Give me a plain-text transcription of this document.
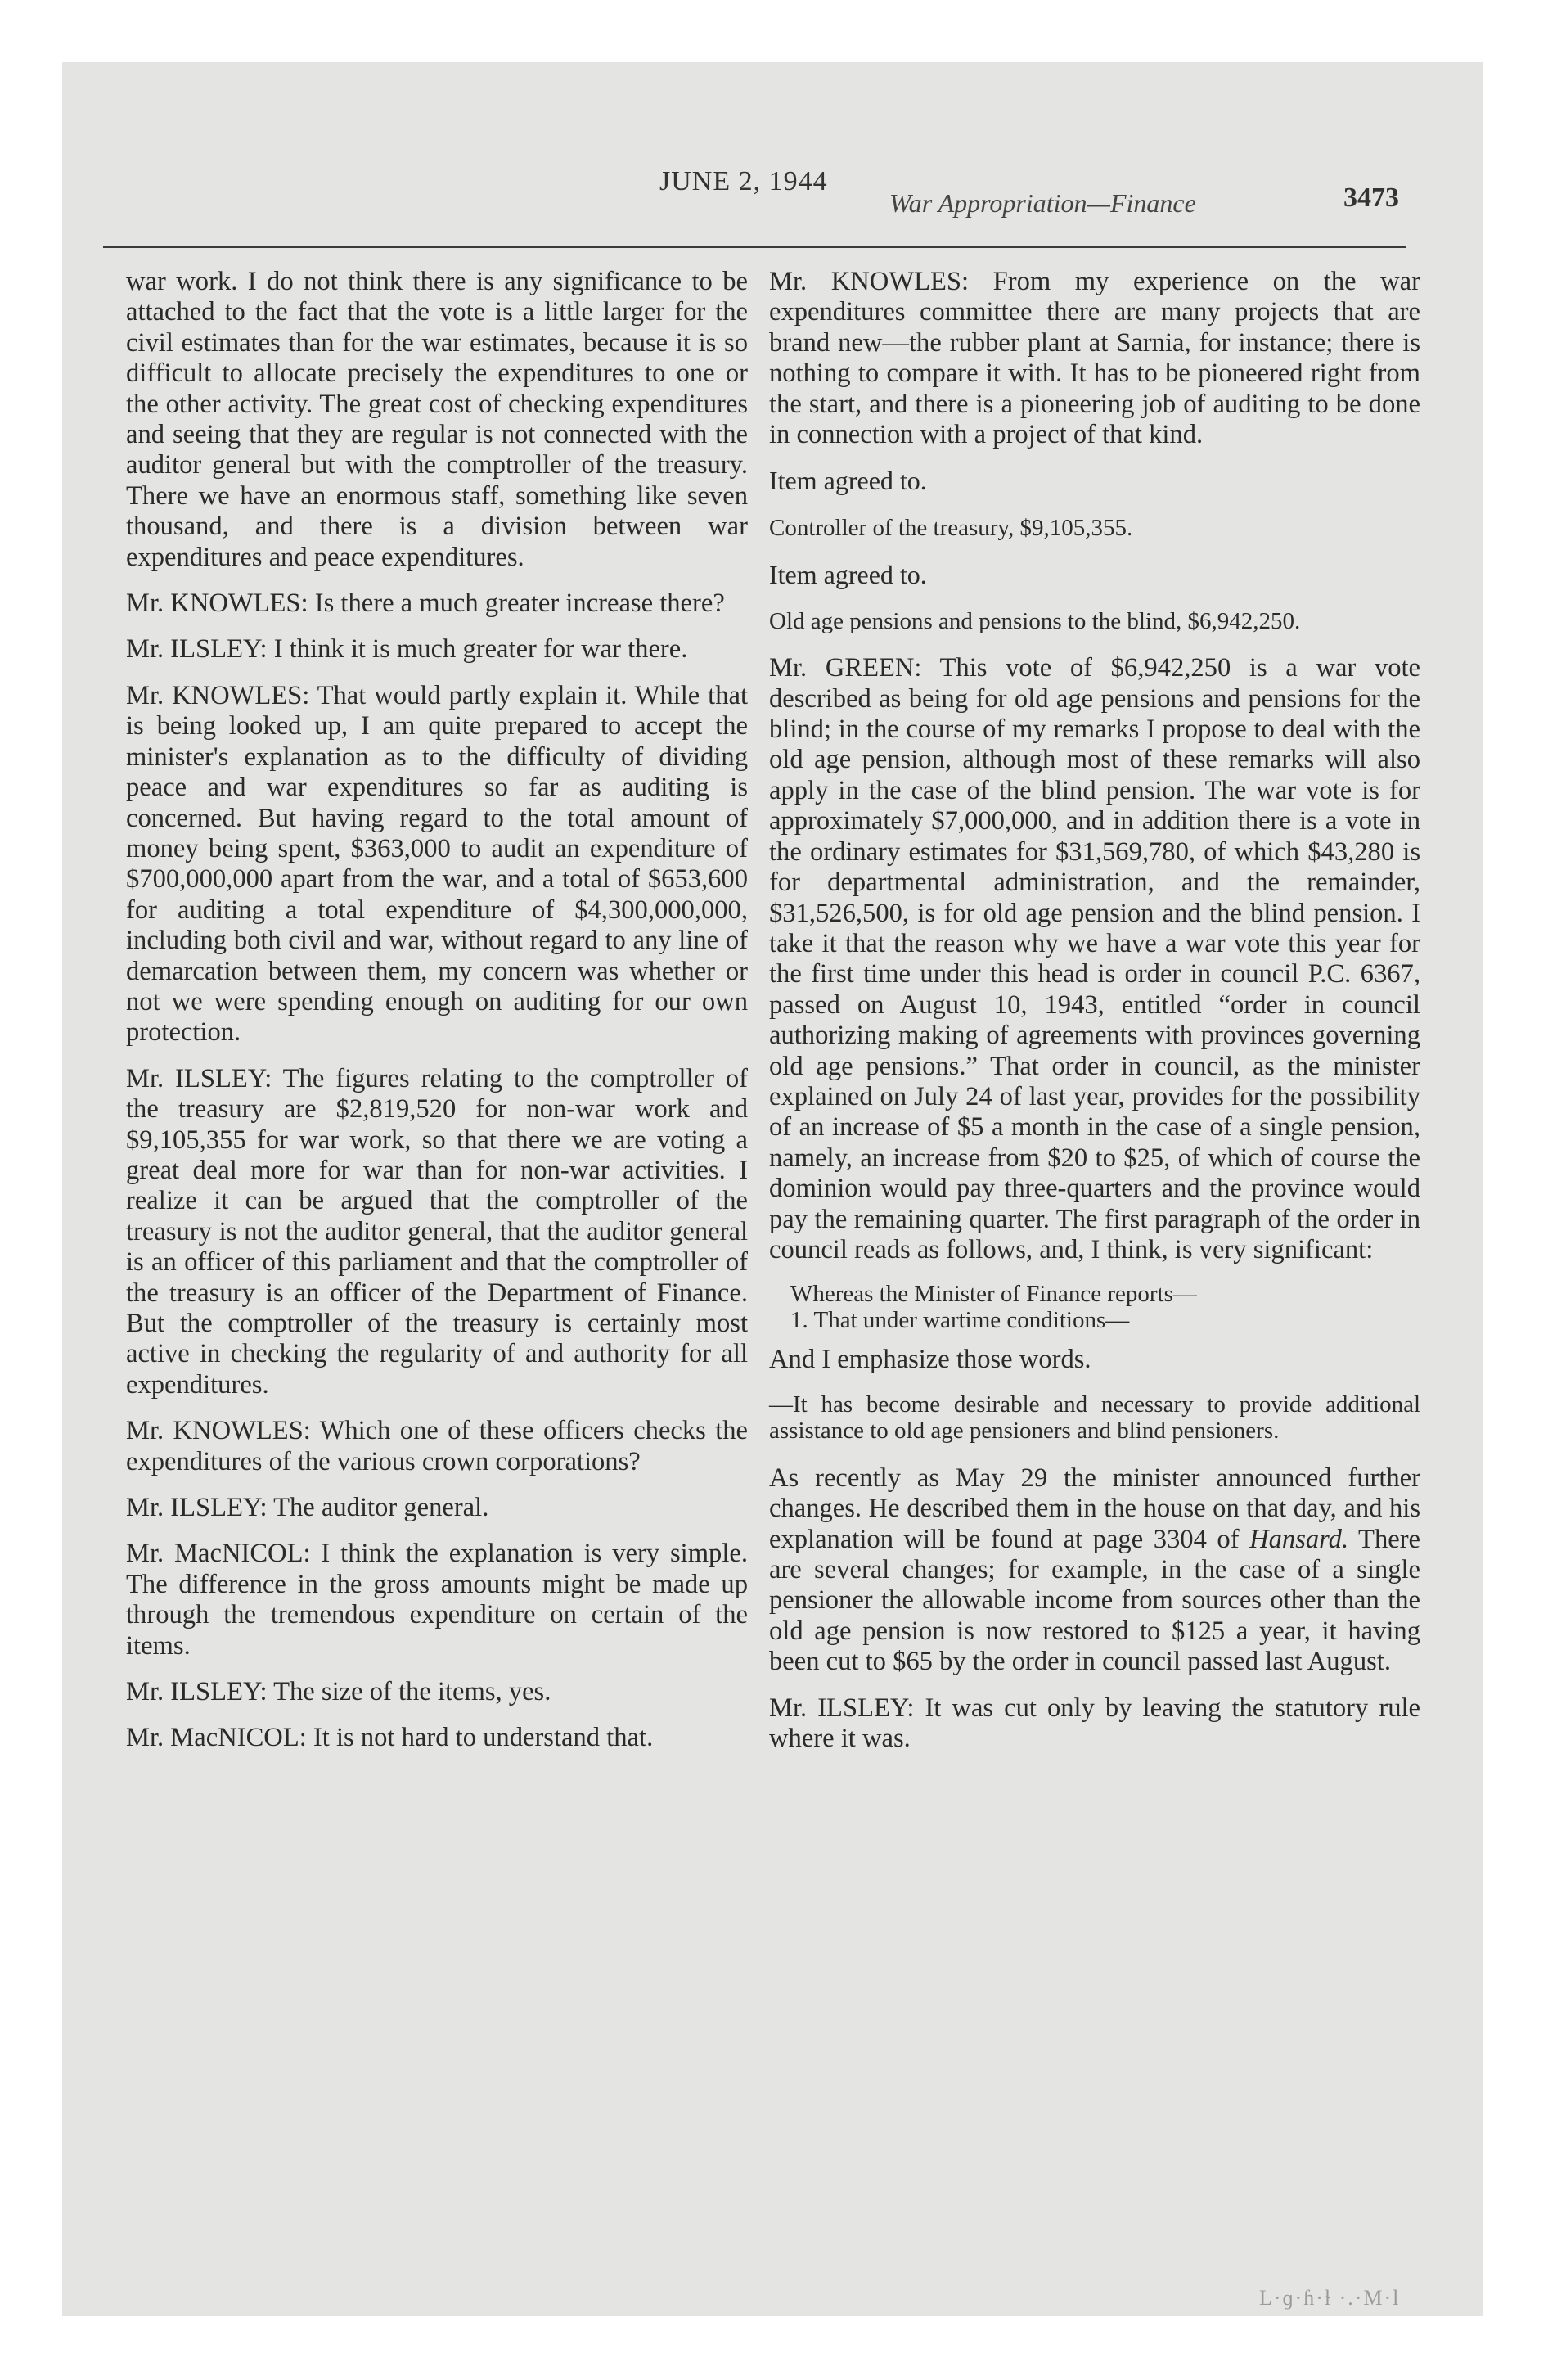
JUNE 2, 1944
War Appropriation—Finance	3473

war work. I do not think there is any significance to be attached to the fact that the vote is a little larger for the civil estimates than for the war estimates, because it is so difficult to allocate precisely the expenditures to one or the other activity. The great cost of checking expenditures and seeing that they are regular is not connected with the auditor general but with the comptroller of the treasury. There we have an enormous staff, something like seven thousand, and there is a division between war expenditures and peace expenditures.

Mr. KNOWLES: Is there a much greater increase there?

Mr. ILSLEY: I think it is much greater for war there.

Mr. KNOWLES: That would partly explain it. While that is being looked up, I am quite prepared to accept the minister's explanation as to the difficulty of dividing peace and war expenditures so far as auditing is concerned. But having regard to the total amount of money being spent, $363,000 to audit an expenditure of $700,000,000 apart from the war, and a total of $653,600 for auditing a total expenditure of $4,300,000,000, including both civil and war, without regard to any line of demarcation between them, my concern was whether or not we were spending enough on auditing for our own protection.

Mr. ILSLEY: The figures relating to the comptroller of the treasury are $2,819,520 for non-war work and $9,105,355 for war work, so that there we are voting a great deal more for war than for non-war activities. I realize it can be argued that the comptroller of the treasury is not the auditor general, that the auditor general is an officer of this parliament and that the comptroller of the treasury is an officer of the Department of Finance. But the comptroller of the treasury is certainly most active in checking the regularity of and authority for all expenditures.

Mr. KNOWLES: Which one of these officers checks the expenditures of the various crown corporations?

Mr. ILSLEY: The auditor general.

Mr. MacNICOL: I think the explanation is very simple. The difference in the gross amounts might be made up through the tremendous expenditure on certain of the items.

Mr. ILSLEY: The size of the items, yes.

Mr. MacNICOL: It is not hard to understand that.

Mr. KNOWLES: From my experience on the war expenditures committee there are many projects that are brand new—the rubber plant at Sarnia, for instance; there is nothing to compare it with. It has to be pioneered right from the start, and there is a pioneering job of auditing to be done in connection with a project of that kind.

Item agreed to.

Controller of the treasury, $9,105,355.

Item agreed to.

Old age pensions and pensions to the blind, $6,942,250.

Mr. GREEN: This vote of $6,942,250 is a war vote described as being for old age pensions and pensions for the blind; in the course of my remarks I propose to deal with the old age pension, although most of these remarks will also apply in the case of the blind pension. The war vote is for approximately $7,000,000, and in addition there is a vote in the ordinary estimates for $31,569,780, of which $43,280 is for departmental administration, and the remainder, $31,526,500, is for old age pension and the blind pension. I take it that the reason why we have a war vote this year for the first time under this head is order in council P.C. 6367, passed on August 10, 1943, entitled “order in council authorizing making of agreements with provinces governing old age pensions.” That order in council, as the minister explained on July 24 of last year, provides for the possibility of an increase of $5 a month in the case of a single pension, namely, an increase from $20 to $25, of which of course the dominion would pay three-quarters and the province would pay the remaining quarter. The first paragraph of the order in council reads as follows, and, I think, is very significant:

Whereas the Minister of Finance reports—
1. That under wartime conditions—

And I emphasize those words.

—It has become desirable and necessary to provide additional assistance to old age pensioners and blind pensioners.

As recently as May 29 the minister announced further changes. He described them in the house on that day, and his explanation will be found at page 3304 of Hansard. There are several changes; for example, in the case of a single pensioner the allowable income from sources other than the old age pension is now restored to $125 a year, it having been cut to $65 by the order in council passed last August.

Mr. ILSLEY: It was cut only by leaving the statutory rule where it was.

L·ɡ·ɦ·ɫ ·.·M·l
